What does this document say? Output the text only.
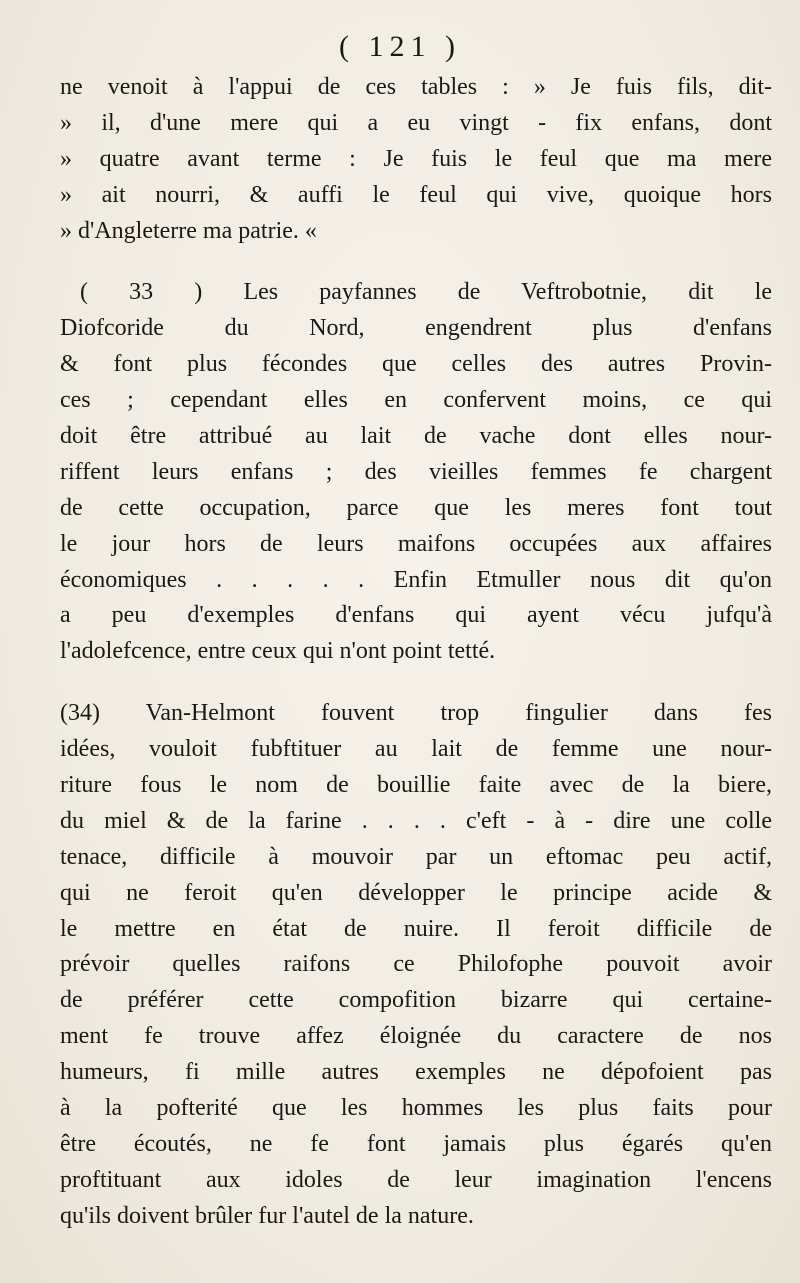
( 121 )
ne venoit à l'appui de ces tables : » Je fuis fils, dit-
» il, d'une mere qui a eu vingt - fix enfans, dont
» quatre avant terme : Je fuis le feul que ma mere
» ait nourri, & auffi le feul qui vive, quoique hors
» d'Angleterre ma patrie. «
( 33 ) Les payfannes de Veftrobotnie, dit le
Diofcoride du Nord, engendrent plus d'enfans
& font plus fécondes que celles des autres Provin-
ces ; cependant elles en confervent moins, ce qui
doit être attribué au lait de vache dont elles nour-
riffent leurs enfans ; des vieilles femmes fe chargent
de cette occupation, parce que les meres font tout
le jour hors de leurs maifons occupées aux affaires
économiques . . . . . Enfin Etmuller nous dit qu'on
a peu d'exemples d'enfans qui ayent vécu jufqu'à
l'adolefcence, entre ceux qui n'ont point tetté.
(34) Van-Helmont fouvent trop fingulier dans fes
idées, vouloit fubftituer au lait de femme une nour-
riture fous le nom de bouillie faite avec de la biere,
du miel & de la farine . . . . c'eft - à - dire une colle
tenace, difficile à mouvoir par un eftomac peu actif,
qui ne feroit qu'en développer le principe acide &
le mettre en état de nuire. Il feroit difficile de
prévoir quelles raifons ce Philofophe pouvoit avoir
de préférer cette compofition bizarre qui certaine-
ment fe trouve affez éloignée du caractere de nos
humeurs, fi mille autres exemples ne dépofoient pas
à la pofterité que les hommes les plus faits pour
être écoutés, ne fe font jamais plus égarés qu'en
proftituant aux idoles de leur imagination l'encens
qu'ils doivent brûler fur l'autel de la nature.
